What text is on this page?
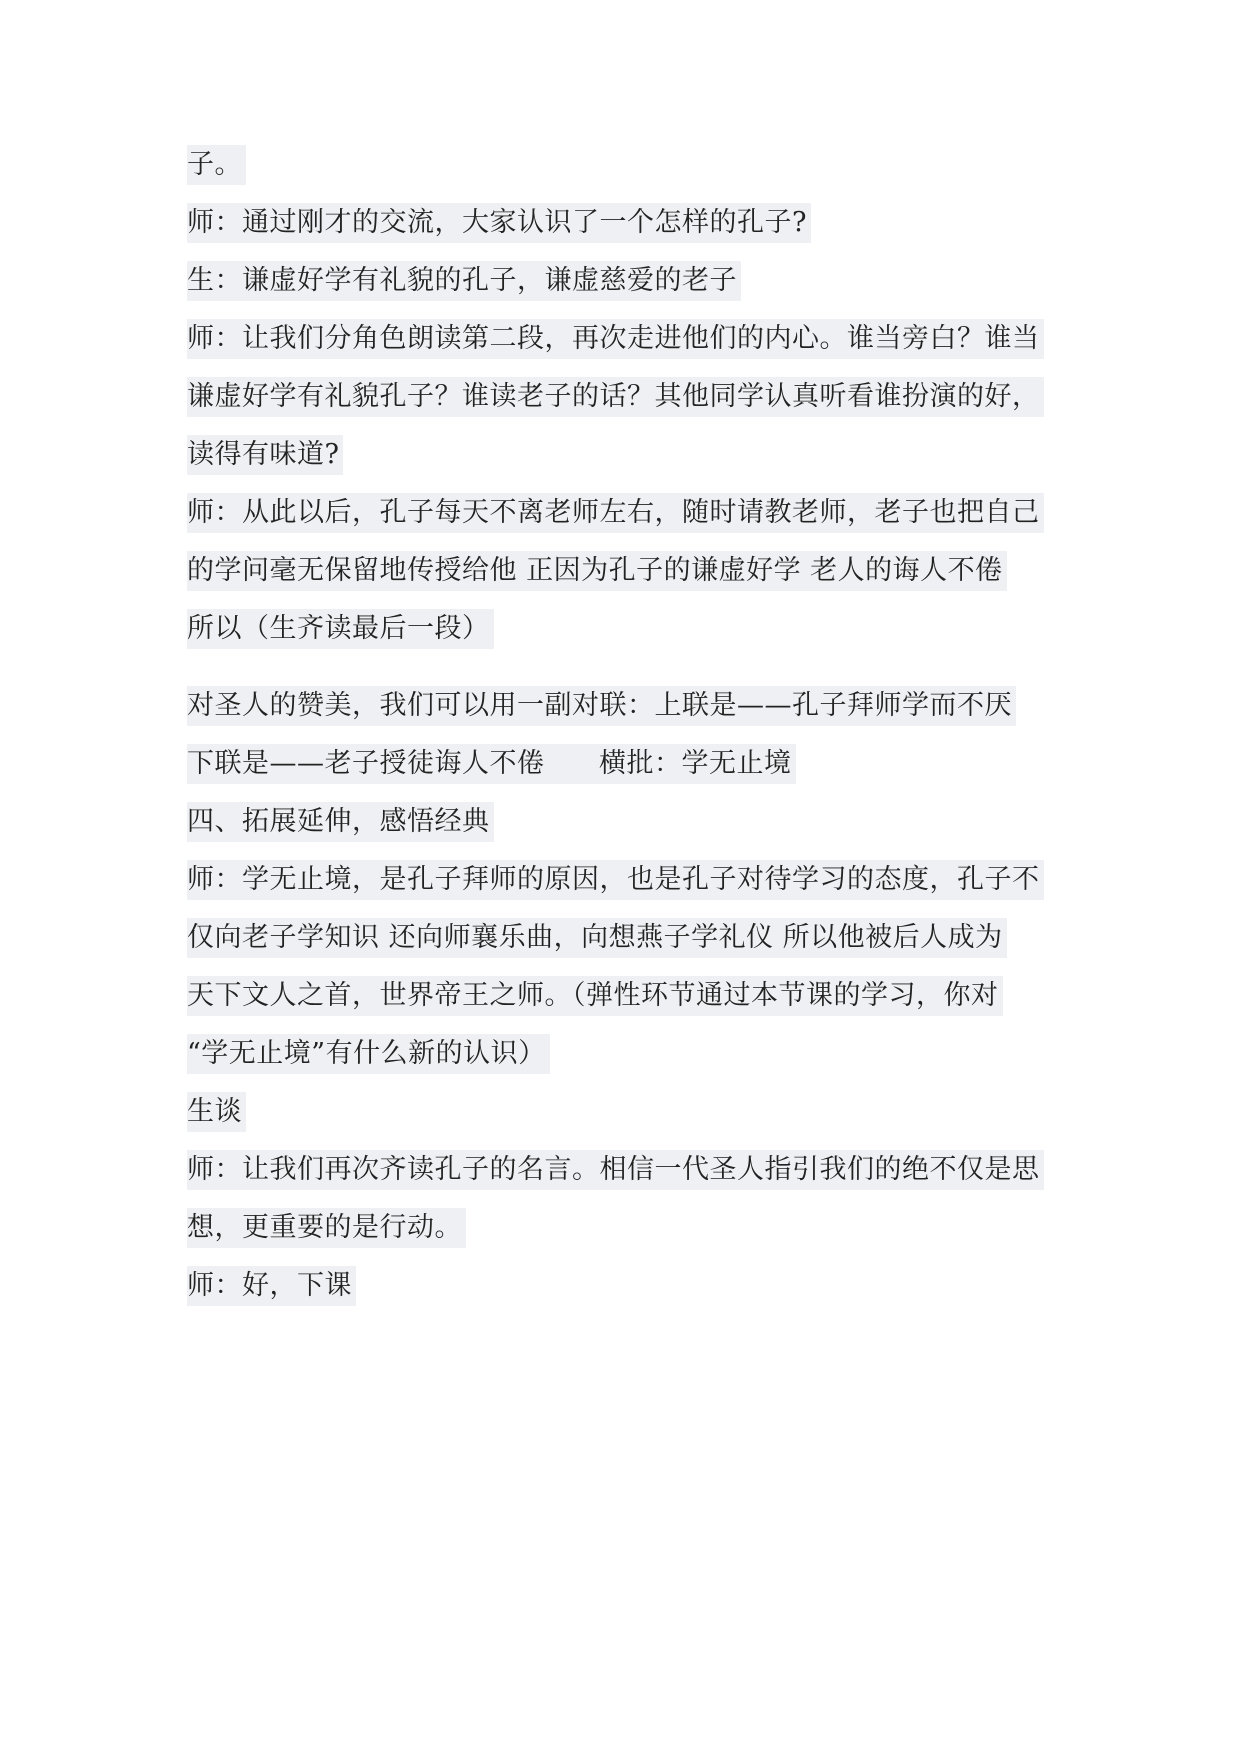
子。
师：通过刚才的交流，大家认识了一个怎样的孔子?
生：谦虚好学有礼貌的孔子，谦虚慈爱的老子
师：让我们分角色朗读第二段，再次走进他们的内心。谁当旁白？谁当
谦虚好学有礼貌孔子？谁读老子的话？其他同学认真听看谁扮演的好，
读得有味道?
师：从此以后，孔子每天不离老师左右，随时请教老师，老子也把自己
的学问毫无保留地传授给他 正因为孔子的谦虚好学 老人的诲人不倦
所以（生齐读最后一段）
对圣人的赞美，我们可以用一副对联：上联是——孔子拜师学而不厌
下联是——老子授徒诲人不倦      横批：学无止境
四、拓展延伸，感悟经典
师：学无止境，是孔子拜师的原因，也是孔子对待学习的态度，孔子不
仅向老子学知识 还向师襄乐曲，向想燕子学礼仪 所以他被后人成为
天下文人之首，世界帝王之师。（弹性环节通过本节课的学习，你对
“学无止境”有什么新的认识）
生谈
师：让我们再次齐读孔子的名言。相信一代圣人指引我们的绝不仅是思
想，更重要的是行动。
师：好，下课
